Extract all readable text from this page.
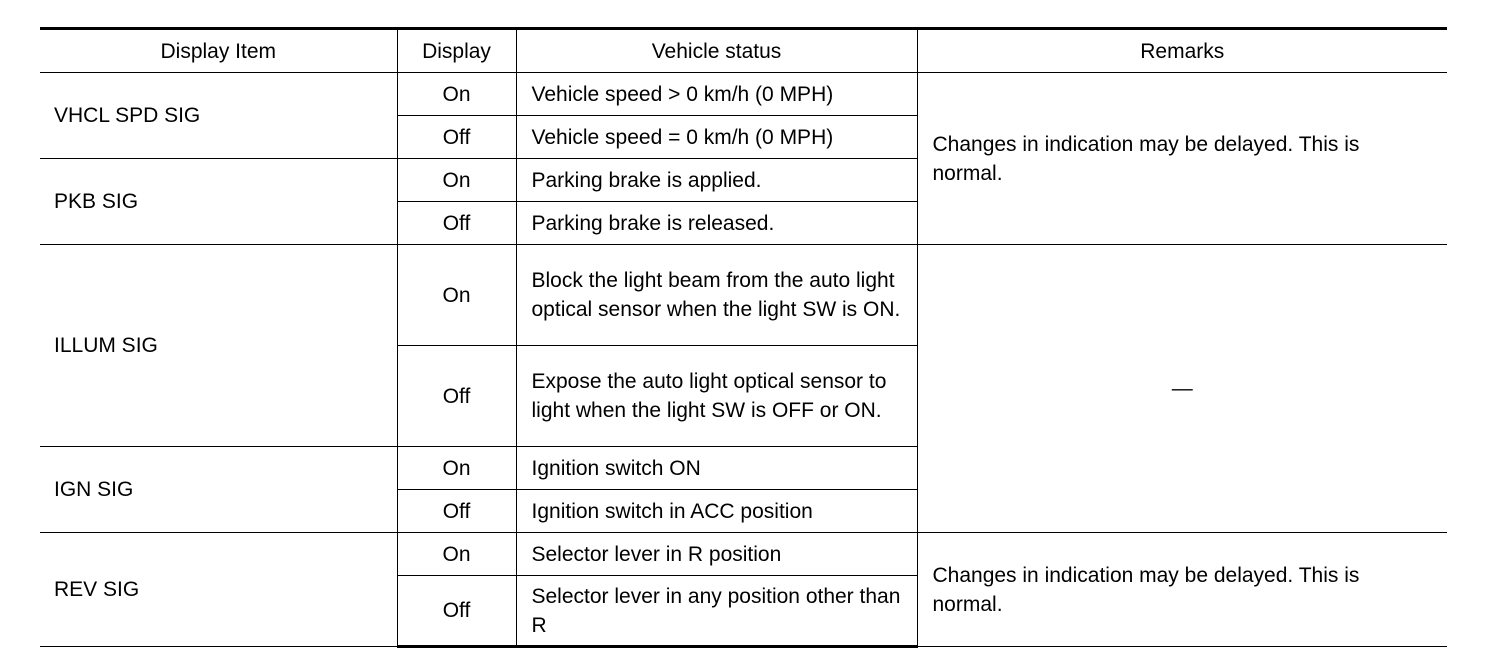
Display Item	Display	Vehicle status	Remarks
VHCL SPD SIG	On	Vehicle speed > 0 km/h (0 MPH)	Changes in indication may be delayed. This is normal.
	Off	Vehicle speed = 0 km/h (0 MPH)	
PKB SIG	On	Parking brake is applied.	
	Off	Parking brake is released.	
ILLUM SIG	On	Block the light beam from the auto light optical sensor when the light SW is ON.	—
	Off	Expose the auto light optical sensor to light when the light SW is OFF or ON.	
IGN SIG	On	Ignition switch ON	
	Off	Ignition switch in ACC position	
REV SIG	On	Selector lever in R position	Changes in indication may be delayed. This is normal.
	Off	Selector lever in any position other than R	
